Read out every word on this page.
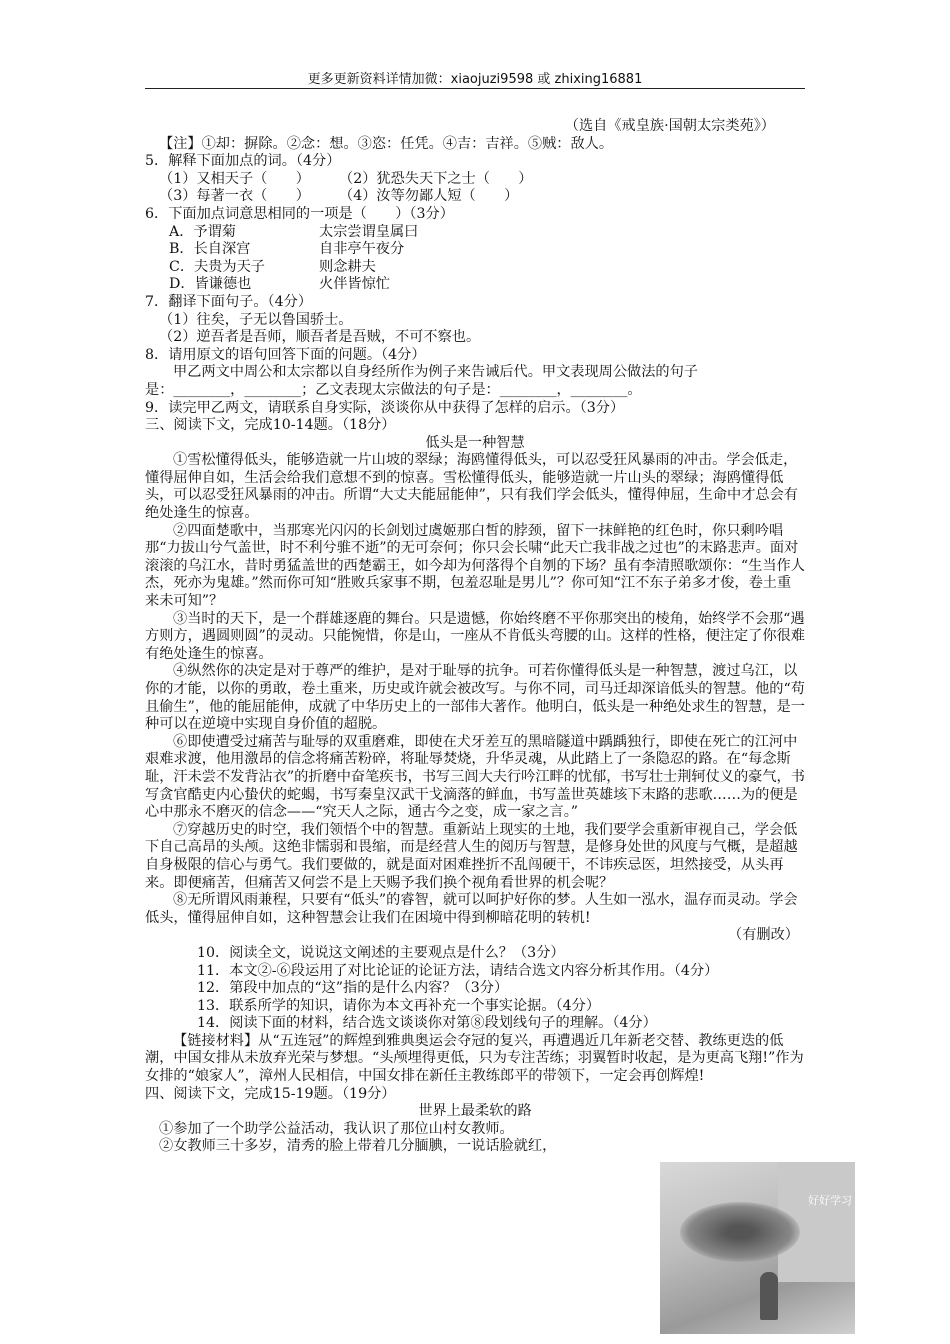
更多更新资料详情加微：xiaojuzi9598 或 zhixing16881

（选自《戒皇族·国朝太宗类苑》）

【注】①却：摒除。②念：想。③恣：任凭。④吉：吉祥。⑤贼：敌人。

5．解释下面加点的词。（4分）

（1）又相天子（　　） （2）犹恐失天下之士（　　）

（3）每著一衣（　　） （4）汝等勿鄙人短（　　）

6．下面加点词意思相同的一项是（　　）（3分）

A．予谓菊	太宗尝谓皇属曰

B．长自深宫	自非亭午夜分

C．夫贵为天子	则念耕夫

D．皆谦德也	火伴皆惊忙

7．翻译下面句子。（4分）

（1）往矣，子无以鲁国骄士。

（2）逆吾者是吾师，顺吾者是吾贼，不可不察也。

8．请用原文的语句回答下面的问题。（4分）

甲乙两文中周公和太宗都以自身经所作为例子来告诫后代。甲文表现周公做法的句子

是：________，________；乙文表现太宗做法的句子是：________，________。

9．读完甲乙两文，请联系自身实际，淡谈你从中获得了怎样的启示。（3分）

三、阅读下文，完成10-14题。（18分）

低头是一种智慧

①雪松懂得低头，能够造就一片山坡的翠绿；海鸥懂得低头，可以忍受狂风暴雨的冲击。学会低走，懂得屈伸自如，生活会给我们意想不到的惊喜。雪松懂得低头，能够造就一片山头的翠绿；海鸥懂得低头，可以忍受狂风暴雨的冲击。所谓“大丈夫能屈能伸”，只有我们学会低头，懂得伸屈，生命中才总会有绝处逢生的惊喜。

②四面楚歌中，当那寒光闪闪的长剑划过虞姬那白皙的脖颈，留下一抹鲜艳的红色时，你只剩吟唱那“力拔山兮气盖世，时不利兮骓不逝”的无可奈何；你只会长啸“此天亡我非战之过也”的末路悲声。面对滚滚的乌江水，昔时勇猛盖世的西楚霸王，如今却为何落得个自刎的下场？虽有李清照歌颂你：“生当作人杰，死亦为鬼雄。”然而你可知“胜败兵家事不期，包羞忍耻是男儿”？你可知“江不东子弟多才俊，卷土重来未可知”？

③当时的天下，是一个群雄逐鹿的舞台。只是遗憾，你始终磨不平你那突出的棱角，始终学不会那“遇方则方，遇圆则圆”的灵动。只能惋惜，你是山，一座从不肯低头弯腰的山。这样的性格，便注定了你很难有绝处逢生的惊喜。

④纵然你的决定是对于尊严的维护，是对于耻辱的抗争。可若你懂得低头是一种智慧，渡过乌江，以你的才能，以你的勇敢，卷土重来，历史或许就会被改写。与你不同，司马迁却深谙低头的智慧。他的“苟且偷生”，他的能屈能伸，成就了中华历史上的一部伟大著作。他明白，低头是一种绝处求生的智慧，是一种可以在逆境中实现自身价值的超脱。

⑥即使遭受过痛苦与耻辱的双重磨难，即使在犬牙差互的黑暗隧道中踽踽独行，即使在死亡的江河中艰难求渡，他用激昂的信念将痛苦粉碎，将耻辱焚烧，升华灵魂，从此踏上了一条隐忍的路。在“每念斯耻，汗未尝不发背沾衣”的折磨中奋笔疾书，书写三闾大夫行吟江畔的忧郁，书写壮士荆轲仗义的豪气，书写贪官酷吏内心蛰伏的蛇蝎，书写秦皇汉武干戈滴落的鲜血，书写盖世英雄垓下末路的悲歌……为的便是心中那永不磨灭的信念——“究天人之际，通古今之变，成一家之言。”

⑦穿越历史的时空，我们领悟个中的智慧。重新站上现实的土地，我们要学会重新审视自己，学会低下自己高昂的头颅。这绝非懦弱和畏缩，而是经营人生的阅历与智慧，是修身处世的风度与气概，是超越自身极限的信心与勇气。我们要做的，就是面对困难挫折不乱闯硬干，不讳疾忌医，坦然接受，从头再来。即便痛苦，但痛苦又何尝不是上天赐予我们换个视角看世界的机会呢？

⑧无所谓风雨兼程，只要有“低头”的睿智，就可以呵护好你的梦。人生如一泓水，温存而灵动。学会低头，懂得屈伸自如，这种智慧会让我们在困境中得到柳暗花明的转机!

（有删改）

10．阅读全文，说说这文阐述的主要观点是什么？（3分）

11．本文②-⑥段运用了对比论证的论证方法，请结合选文内容分析其作用。（4分）

12．第段中加点的“这”指的是什么内容？（3分）

13．联系所学的知识，请你为本文再补充一个事实论据。（4分）

14．阅读下面的材料，结合选文谈谈你对第⑧段划线句子的理解。（4分）

【链接材料】从“五连冠”的辉煌到雅典奥运会夺冠的复兴，再遭遇近几年新老交替、教练更迭的低潮，中国女排从未放弃光荣与梦想。“头颅埋得更低，只为专注苦练；羽翼暂时收起，是为更高飞翔!”作为女排的“娘家人”，漳州人民相信，中国女排在新任主教练郎平的带领下，一定会再创辉煌!

四、阅读下文，完成15-19题。（19分）

世界上最柔软的路

①参加了一个助学公益活动，我认识了那位山村女教师。

②女教师三十多岁，清秀的脸上带着几分腼腆，一说话脸就红，

好好学习
